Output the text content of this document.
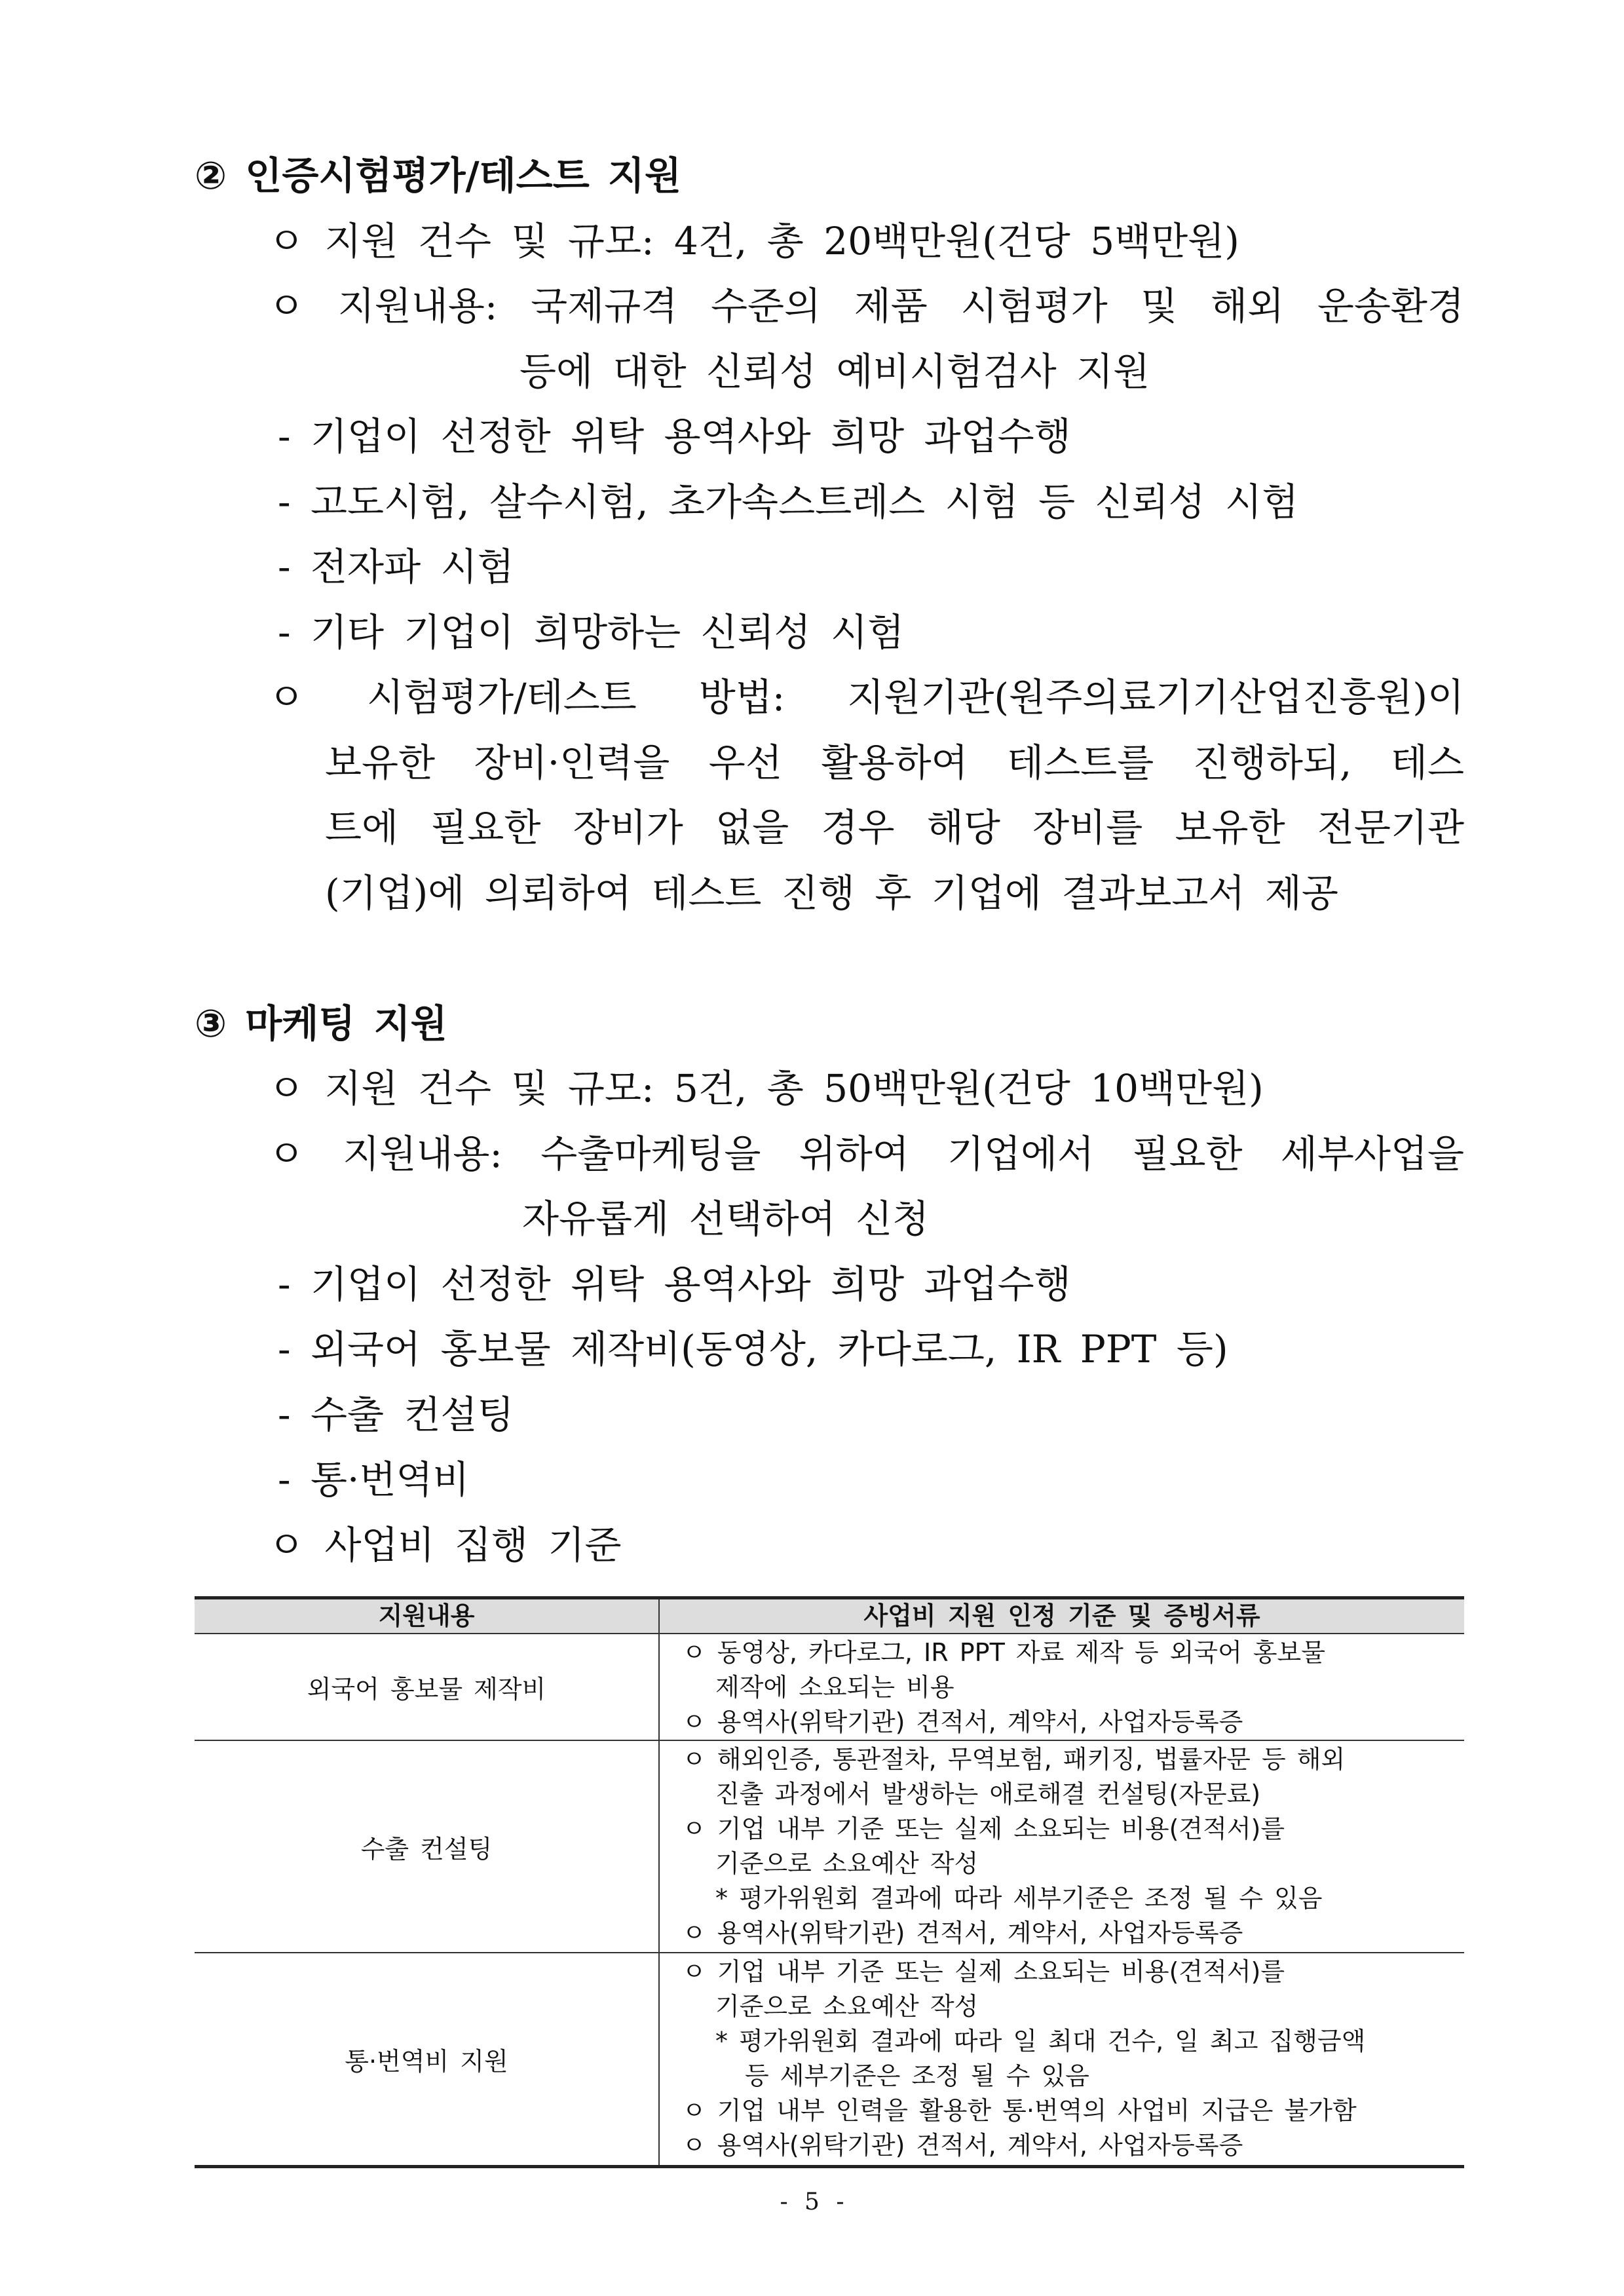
② 인증시험평가/테스트 지원
ㅇ 지원 건수 및 규모: 4건, 총 20백만원(건당 5백만원)
ㅇ 지원내용: 국제규격 수준의 제품 시험평가 및 해외 운송환경
등에 대한 신뢰성 예비시험검사 지원
- 기업이 선정한 위탁 용역사와 희망 과업수행
- 고도시험, 살수시험, 초가속스트레스 시험 등 신뢰성 시험
- 전자파 시험
- 기타 기업이 희망하는 신뢰성 시험
ㅇ 시험평가/테스트 방법: 지원기관(원주의료기기산업진흥원)이
보유한 장비·인력을 우선 활용하여 테스트를 진행하되, 테스
트에 필요한 장비가 없을 경우 해당 장비를 보유한 전문기관
(기업)에 의뢰하여 테스트 진행 후 기업에 결과보고서 제공
③ 마케팅 지원
ㅇ 지원 건수 및 규모: 5건, 총 50백만원(건당 10백만원)
ㅇ 지원내용: 수출마케팅을 위하여 기업에서 필요한 세부사업을
자유롭게 선택하여 신청
- 기업이 선정한 위탁 용역사와 희망 과업수행
- 외국어 홍보물 제작비(동영상, 카다로그, IR PPT 등)
- 수출 컨설팅
- 통·번역비
ㅇ 사업비 집행 기준
지원내용	사업비 지원 인정 기준 및 증빙서류
외국어 홍보물 제작비
ㅇ 동영상, 카다로그, IR PPT 자료 제작 등 외국어 홍보물
제작에 소요되는 비용
ㅇ 용역사(위탁기관) 견적서, 계약서, 사업자등록증
수출 컨설팅
ㅇ 해외인증, 통관절차, 무역보험, 패키징, 법률자문 등 해외
진출 과정에서 발생하는 애로해결 컨설팅(자문료)
ㅇ 기업 내부 기준 또는 실제 소요되는 비용(견적서)를
기준으로 소요예산 작성
* 평가위원회 결과에 따라 세부기준은 조정 될 수 있음
ㅇ 용역사(위탁기관) 견적서, 계약서, 사업자등록증
통·번역비 지원
ㅇ 기업 내부 기준 또는 실제 소요되는 비용(견적서)를
기준으로 소요예산 작성
* 평가위원회 결과에 따라 일 최대 건수, 일 최고 집행금액
등 세부기준은 조정 될 수 있음
ㅇ 기업 내부 인력을 활용한 통·번역의 사업비 지급은 불가함
ㅇ 용역사(위탁기관) 견적서, 계약서, 사업자등록증
- 5 -
